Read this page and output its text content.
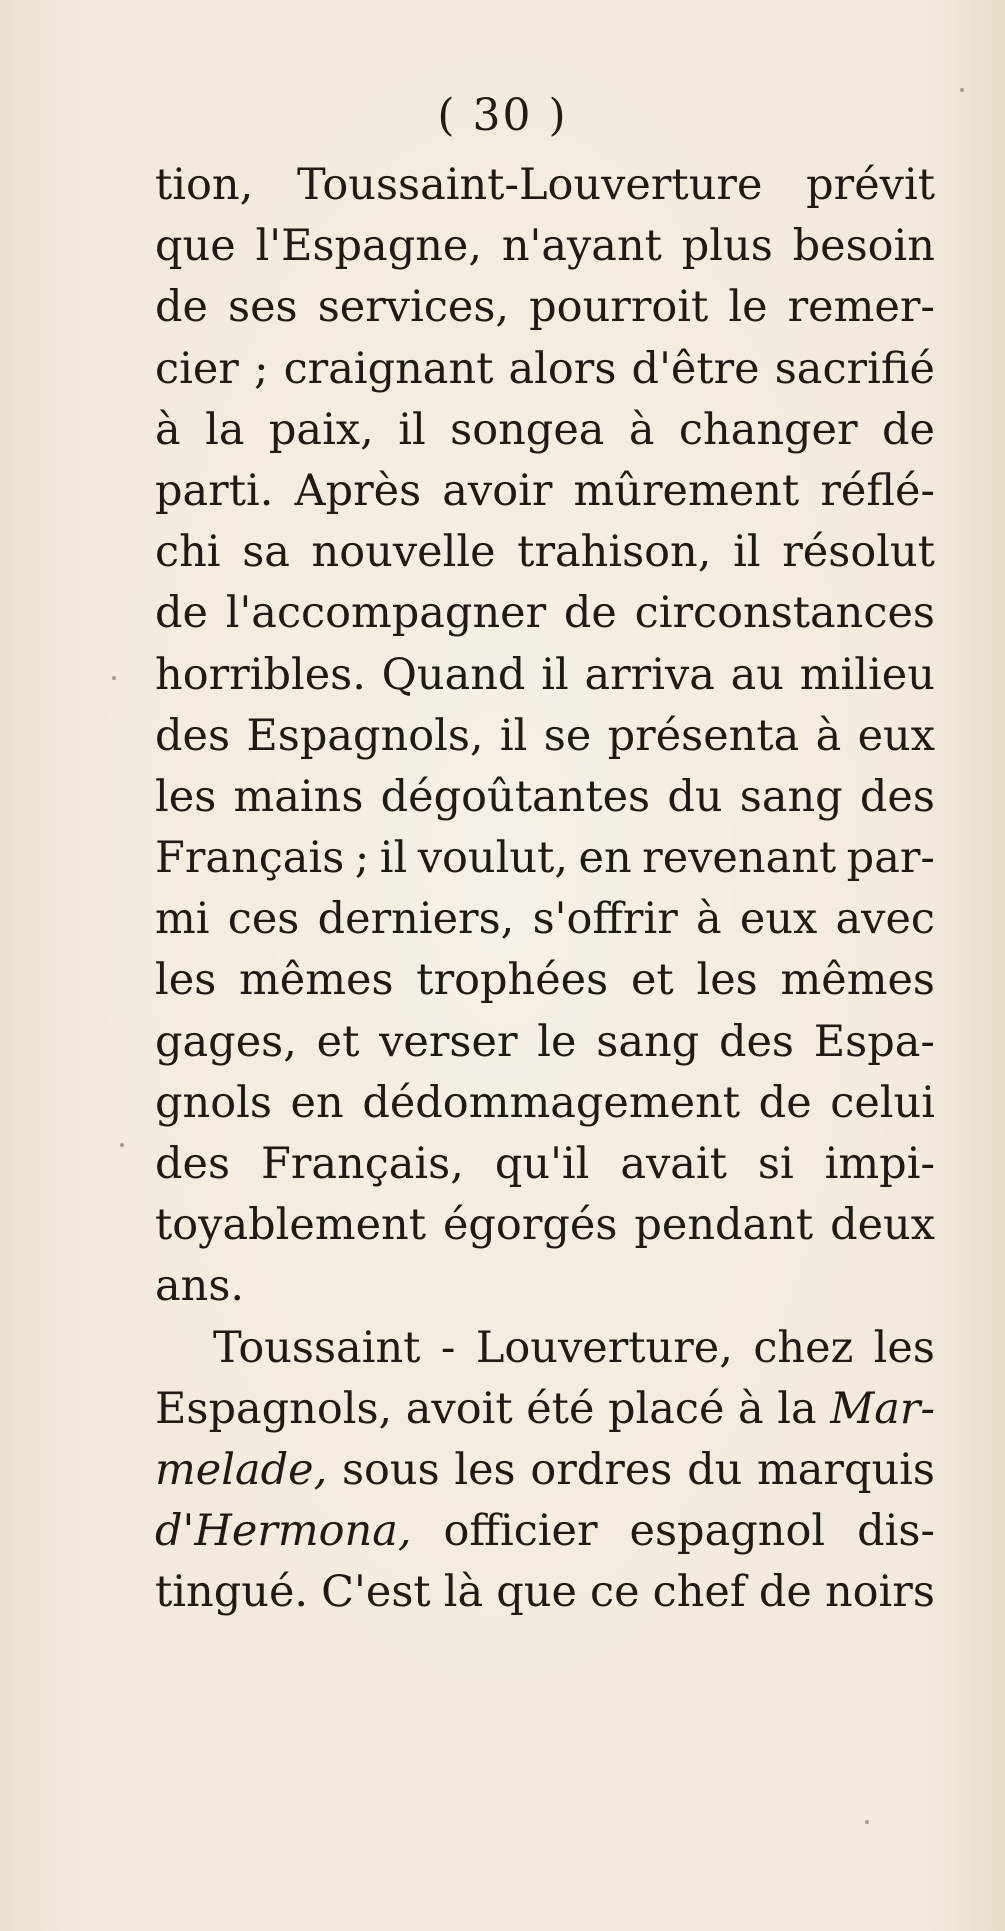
( 30 )
tion, Toussaint-Louverture prévit
que l'Espagne, n'ayant plus besoin
de ses services, pourroit le remer-
cier ; craignant alors d'être sacrifié
à la paix, il songea à changer de
parti. Après avoir mûrement réflé-
chi sa nouvelle trahison, il résolut
de l'accompagner de circonstances
horribles. Quand il arriva au milieu
des Espagnols, il se présenta à eux
les mains dégoûtantes du sang des
Français ; il voulut, en revenant par-
mi ces derniers, s'offrir à eux avec
les mêmes trophées et les mêmes
gages, et verser le sang des Espa-
gnols en dédommagement de celui
des Français, qu'il avait si impi-
toyablement égorgés pendant deux
ans.
Toussaint - Louverture, chez les
Espagnols, avoit été placé à la Mar-
melade, sous les ordres du marquis
d'Hermona, officier espagnol dis-
tingué. C'est là que ce chef de noirs
